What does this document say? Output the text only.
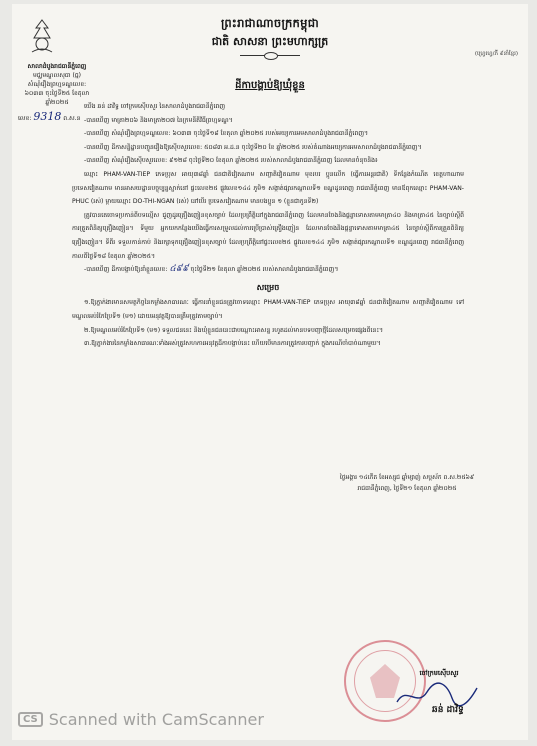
ព្រះរាជាណាចក្រកម្ពុជា
ជាតិ សាសនា ព្រះមហាក្សត្រ
(ហ្វ្រេហ្វេ/ភី ៩នាំខ្មែរ)
សាលាដំបូងរាជធានីភ្នំពេញ
មជ្ឈមណ្ឌលសុធា (ធ្ម)
សំណុំរឿងព្រហ្មទណ្ឌលេខ: ៦០៣៣ ចុះថ្ងៃទី២៥ ខែតុលា ឆ្នាំ២០២៥
លេខ: 9318 ព.ស.ន
ដីកាបង្គាប់ឱ្យឃុំខ្លួន

យើង ឆន់ ដាវិទ្ធ ចៅក្រមស៊ើបសួរ នៃសាលាដំបូងរាជធានីភ្នំពេញ

-បានឃើញ មាត្រា២០៦ និងមាត្រា២០៧ នៃក្រមនីតិវិធីព្រហ្មទណ្ឌ។

-បានឃើញ សំណុំរឿងព្រហ្មទណ្ឌលេខ: ៦០៣៣ ចុះថ្ងៃទី១៨ ខែតុលា ឆ្នាំ២០២៥ របស់អយ្យការអមសាលាដំបូងរាជធានីភ្នំពេញ។

-បានឃើញ ដីកាសន្និដ្ឋានបញ្ជូនរឿងឱ្យស៊ើបសួរលេខ: ៥០៨៣ អ.ដ.ន ចុះថ្ងៃទី២០ ខែ ឆ្នាំ២០២៥ របស់តំណាងអយ្យការអមសាលាដំបូងរាជធានីភ្នំពេញ។

-បានឃើញ សំណុំរឿងស៊ើបសួរលេខ: ៩១២៨ ចុះថ្ងៃទី២០ ខែតុលា ឆ្នាំ២០២៥ របស់សាលាដំបូងរាជធានីភ្នំពេញ ដែលមានចំនុចនិង៖

ឈ្មោះ PHAM-VAN-TIEP ភេទប្រុស អាយុ៣៨ឆ្នាំ ជនជាតិវៀតណាម សញ្ជាតិវៀតណាម មុខរបរ ប្អូនលើក (ធ្វើការអន្តរជាតិ) ទីកន្លែងកំណើត ខេត្តហាណាម ប្រទេសវៀតណាម មានអាសយដ្ឋានបច្ចុប្បន្នស្នាក់នៅ ផ្ទះលេខ២៥ ផ្លូវលេខ១៤៤ ភូមិ១ សង្កាត់ផ្សារកណ្តាលទី១ ខណ្ឌដូនពេញ រាជធានីភ្នំពេញ មានឪពុកឈ្មោះ PHAM-VAN-PHUC (រស់) ម្តាយឈ្មោះ DO-THI-NGAN (រស់) នៅបើរ ប្រទេសវៀតណាម មានបងប្អូន ១ (ខ្លួនជាកូនទី២)

ត្រូវបានគេចោទប្រកាន់ពីបទល្មើស ជួញដូរគ្រឿងញៀនខុសច្បាប់ ដែលប្រព្រឹត្តិនៅក្នុងរាជធានីភ្នំពេញ ដែលមានចែងនិងផ្តន្ទាទោសតាមមាត្រា៤០ និងមាត្រា៤៥ នៃច្បាប់ស្តីពីការត្រួតពិនិត្យគ្រឿងញៀន។ ទីមួយ អ្នកយកកន្លែងយើងធ្វើការសម្រួលដល់ការប្រើប្រាស់គ្រឿងញៀន ដែលមានចែងនិងផ្តន្ទាទោសតាមមាត្រា៤៥ នៃច្បាប់ស្តីពីការត្រួតពិនិត្យគ្រឿងញៀន។ ទីពីរ ទទួលកាន់កាប់ និងរក្សាទុកគ្រឿងញៀនខុសច្បាប់ ដែលប្រព្រឹត្តិនៅផ្ទះលេខ២៥ ផ្លូវលេខ១៤៤ ភូមិ១ សង្កាត់ផ្សារកណ្តាលទី១ ខណ្ឌដូនពេញ រាជធានីភ្នំពេញ កាលពីថ្ងៃទី១៨ ខែតុលា ឆ្នាំ២០២៥។

-បានឃើញ ដីកាបង្គាប់ឱ្យនាំខ្លួនលេខ: ៤៩៩ ចុះថ្ងៃទី២១ ខែតុលា ឆ្នាំ២០២៥ របស់សាលាដំបូងរាជធានីភ្នំពេញ។

សម្រេច

១.ឱ្យភ្នាក់ងារមានសមត្ថកិច្ចនៃកម្លាំងសាធារណៈ ធ្វើការនាំខ្លួនជនត្រូវចោទឈ្មោះ PHAM-VAN-TIEP ភេទប្រុស អាយុ៣៨ឆ្នាំ ជនជាតិវៀតណាម សញ្ជាតិវៀតណាម ទៅមណ្ឌលអប់រំកែប្រែទី១ (ម១) ដោយអនុវត្តឱ្យបានត្រឹមត្រូវតាមច្បាប់។

២.ឱ្យមណ្ឌលអប់រំកែប្រែទី១ (ម១) ទទួលជននេះ និងឃុំខ្លួនជននេះជាបណ្តោះអាសន្ន រហូតដល់មានបទបញ្ជាថ្មីដែលសម្រេចផ្សេងពីនេះ។

៣.ឱ្យភ្នាក់ងារនៃកម្លាំងសាធារណៈទាំងអស់ត្រូវសហការអនុវត្តដីកាបង្គាប់នេះ ហើយបើមានការត្រូវការបញ្ជាក់ ក្នុងករណីចាំបាច់ណាមួយ។

ថ្ងៃអង្គារ ១៤កើត ខែអស្សុជ ឆ្នាំម្សាញ់ សប្តស័ក ព.ស.២៥៦៩
រាជធានីភ្នំពេញ, ថ្ងៃទី២១ ខែតុលា ឆ្នាំ២០២៥
ចៅក្រមស៊ើបសួរ
ឆន់ ដាវិទ្ធ
CS Scanned with CamScanner
